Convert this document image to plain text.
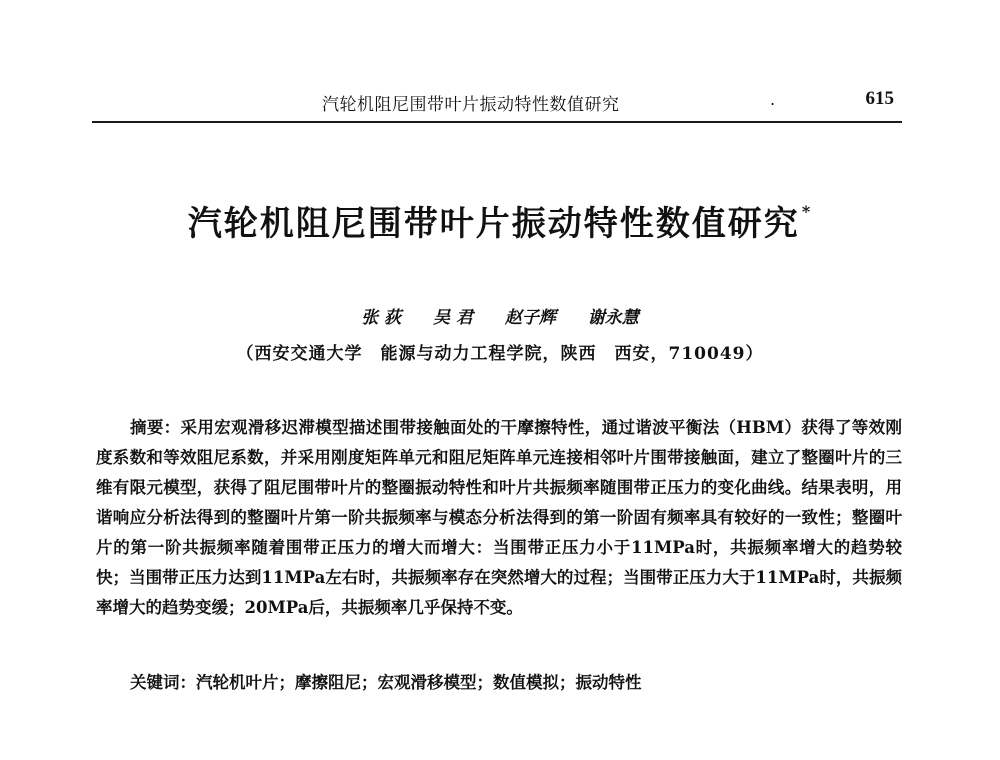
汽轮机阻尼围带叶片振动特性数值研究	.	615
汽轮机阻尼围带叶片振动特性数值研究 *
张 荻 吴 君 赵子辉 谢永慧
（西安交通大学　能源与动力工程学院，陕西　西安，710049）
摘要：采用宏观滑移迟滞模型描述围带接触面处的干摩擦特性，通过谐波平衡法（HBM）获得了等效刚度系数和等效阻尼系数，并采用刚度矩阵单元和阻尼矩阵单元连接相邻叶片围带接触面，建立了整圈叶片的三维有限元模型，获得了阻尼围带叶片的整圈振动特性和叶片共振频率随围带正压力的变化曲线。结果表明，用谐响应分析法得到的整圈叶片第一阶共振频率与模态分析法得到的第一阶固有频率具有较好的一致性；整圈叶片的第一阶共振频率随着围带正压力的增大而增大：当围带正压力小于11MPa时，共振频率增大的趋势较快；当围带正压力达到11MPa左右时，共振频率存在突然增大的过程；当围带正压力大于11MPa时，共振频率增大的趋势变缓；20MPa后，共振频率几乎保持不变。
关键词：汽轮机叶片；摩擦阻尼；宏观滑移模型；数值模拟；振动特性
